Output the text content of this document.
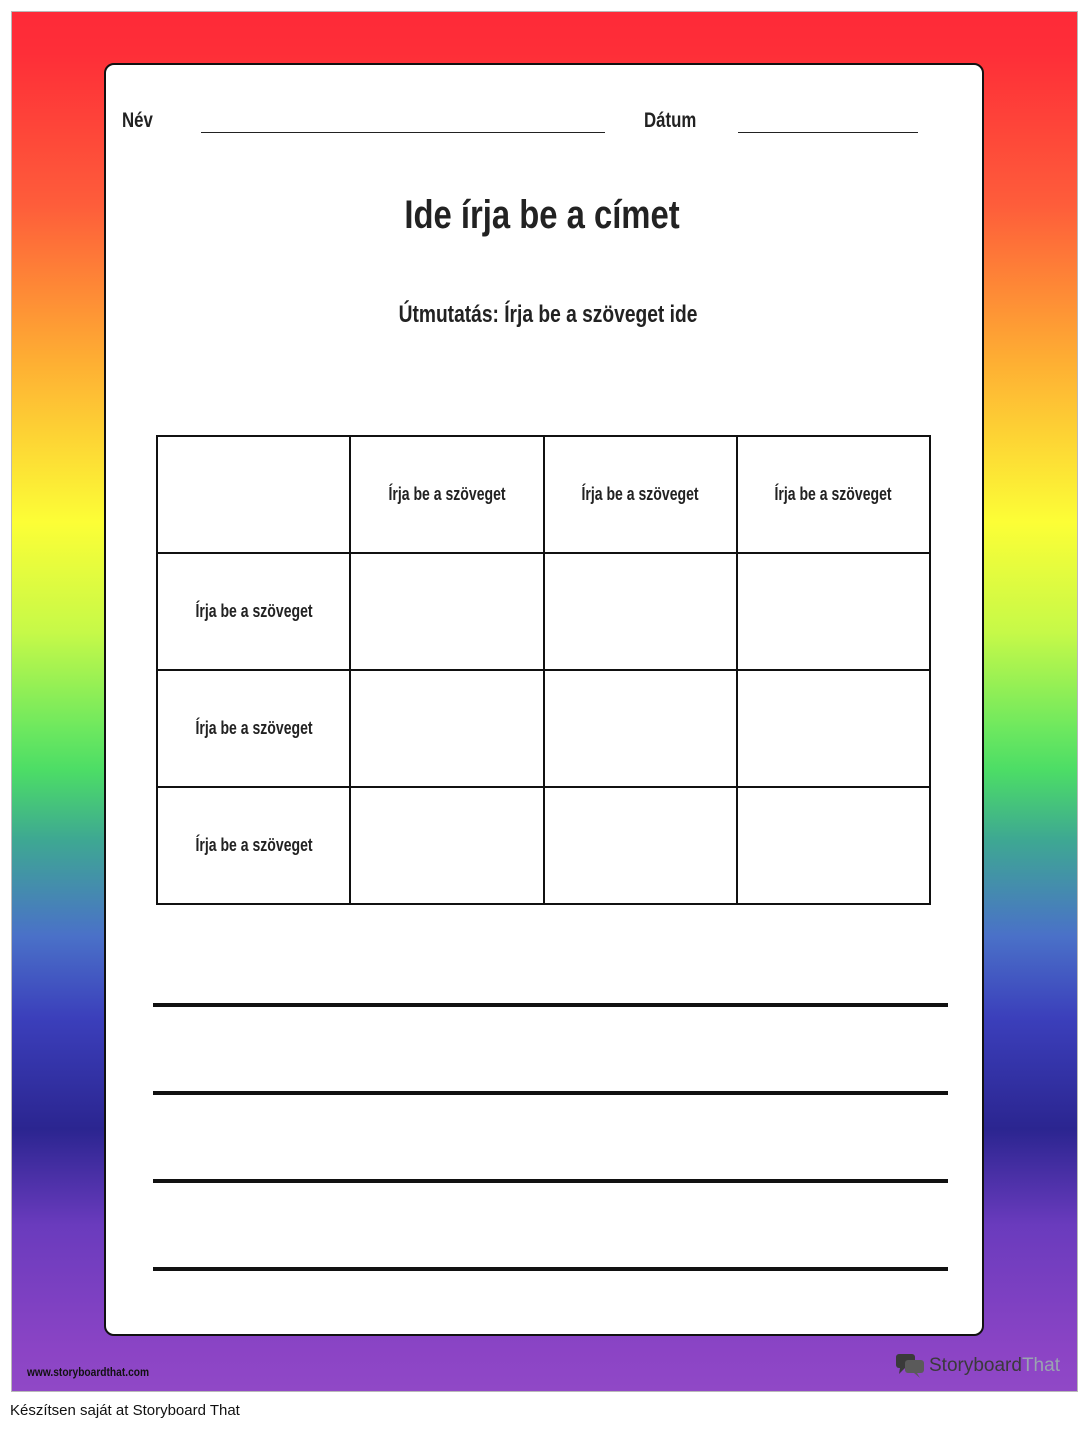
Név	Dátum
Ide írja be a címet
Útmutatás: Írja be a szöveget ide
	Írja be a szöveget	Írja be a szöveget	Írja be a szöveget
Írja be a szöveget			
Írja be a szöveget			
Írja be a szöveget			
www.storyboardthat.com	Storyboard That
Készítsen saját at Storyboard That
